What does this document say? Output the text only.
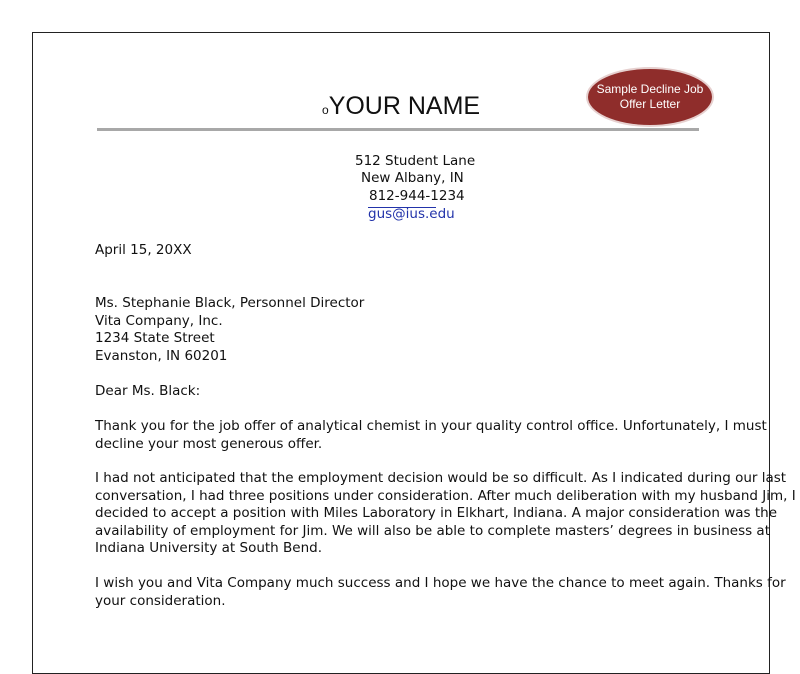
oYOUR NAME
Sample Decline Job
Offer Letter
512 Student Lane
New Albany, IN
812-944-1234
gus@ius.edu
April 15, 20XX
Ms. Stephanie Black, Personnel Director
Vita Company, Inc.
1234 State Street
Evanston, IN 60201
Dear Ms. Black:
Thank you for the job offer of analytical chemist in your quality control office. Unfortunately, I must
decline your most generous offer.
I had not anticipated that the employment decision would be so difficult. As I indicated during our last
conversation, I had three positions under consideration. After much deliberation with my husband Jim, I
decided to accept a position with Miles Laboratory in Elkhart, Indiana. A major consideration was the
availability of employment for Jim. We will also be able to complete masters’ degrees in business at
Indiana University at South Bend.
I wish you and Vita Company much success and I hope we have the chance to meet again. Thanks for
your consideration.
